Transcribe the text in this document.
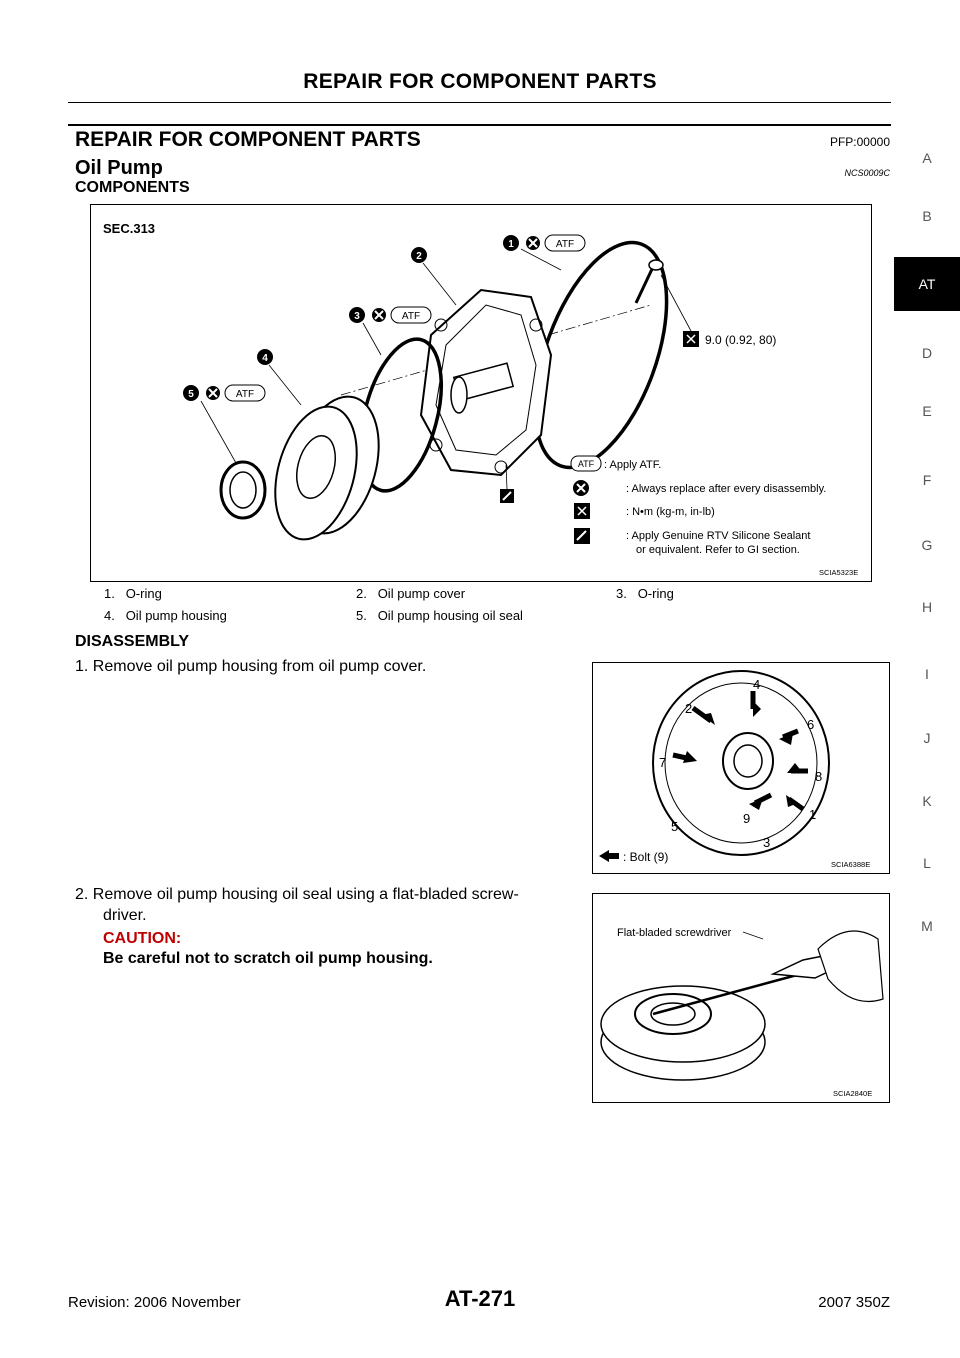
REPAIR FOR COMPONENT PARTS
REPAIR FOR COMPONENT PARTS	PFP:00000
Oil Pump	NCS0009C
COMPONENTS
SEC.313
1	ATF
2
3	ATF
4
5	ATF
9.0 (0.92, 80)
ATF : Apply ATF.
: Always replace after every disassembly.
: N•m (kg-m, in-lb)
: Apply Genuine RTV Silicone Sealant
or equivalent. Refer to GI section.
SCIA5323E
1. O-ring	2. Oil pump cover	3. O-ring
4. Oil pump housing	5. Oil pump housing oil seal
DISASSEMBLY
1. Remove oil pump housing from oil pump cover.
4
2
6
7
8
5
9	1
3
: Bolt (9)
SCIA6388E
2. Remove oil pump housing oil seal using a flat-bladed screw-
driver.
CAUTION:
Be careful not to scratch oil pump housing.
Flat-bladed screwdriver
SCIA2840E
A
B
AT
D
E
F
G
H
I
J
K
L
M
Revision: 2006 November	AT-271	2007 350Z
